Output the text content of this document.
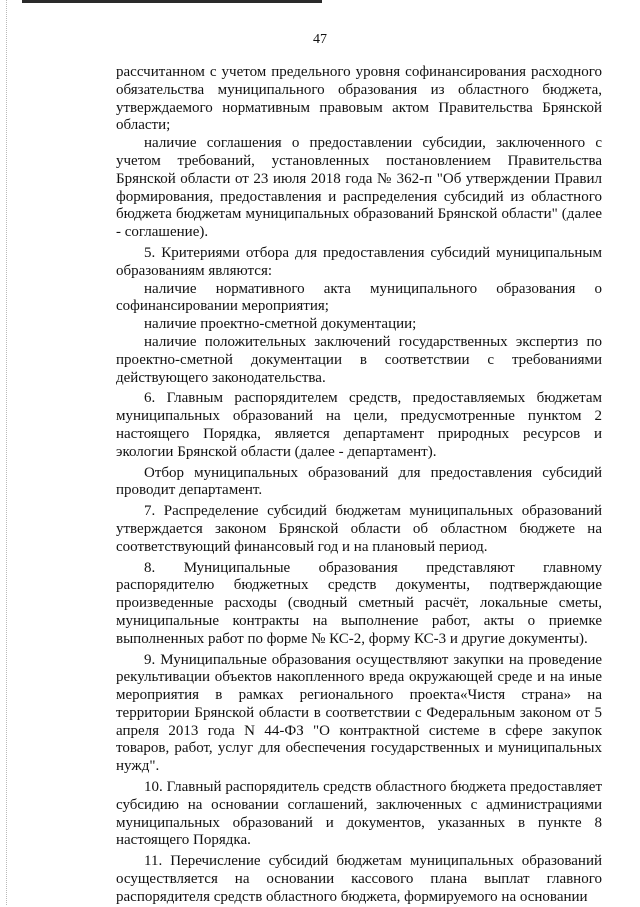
47

рассчитанном с учетом предельного уровня софинансирования расходного обязательства муниципального образования из областного бюджета, утверждаемого нормативным правовым актом Правительства Брянской области;

наличие соглашения о предоставлении субсидии, заключенного с учетом требований, установленных постановлением Правительства Брянской области от 23 июля 2018 года № 362-п "Об утверждении Правил формирования, предоставления и распределения субсидий из областного бюджета бюджетам муниципальных образований Брянской области" (далее - соглашение).

5. Критериями отбора для предоставления субсидий муниципальным образованиям являются:

наличие нормативного акта муниципального образования о софинансировании мероприятия;

наличие проектно-сметной документации;

наличие положительных заключений государственных экспертиз по проектно-сметной документации в соответствии с требованиями действующего законодательства.

6. Главным распорядителем средств, предоставляемых бюджетам муниципальных образований на цели, предусмотренные пунктом 2 настоящего Порядка, является департамент природных ресурсов и экологии Брянской области (далее - департамент).

Отбор муниципальных образований для предоставления субсидий проводит департамент.

7. Распределение субсидий бюджетам муниципальных образований утверждается законом Брянской области об областном бюджете на соответствующий финансовый год и на плановый период.

8. Муниципальные образования представляют главному распорядителю бюджетных средств документы, подтверждающие произведенные расходы (сводный сметный расчёт, локальные сметы, муниципальные контракты на выполнение работ, акты о приемке выполненных работ по форме № КС-2, форму КС-3 и другие документы).

9. Муниципальные образования осуществляют закупки на проведение рекультивации объектов накопленного вреда окружающей среде и на иные мероприятия в рамках регионального проекта«Чистя страна» на территории Брянской области в соответствии с Федеральным законом от 5 апреля 2013 года N 44-ФЗ "О контрактной системе в сфере закупок товаров, работ, услуг для обеспечения государственных и муниципальных нужд".

10. Главный распорядитель средств областного бюджета предоставляет субсидию на основании соглашений, заключенных с администрациями муниципальных образований и документов, указанных в пункте 8 настоящего Порядка.

11. Перечисление субсидий бюджетам муниципальных образований осуществляется на основании кассового плана выплат главного распорядителя средств областного бюджета, формируемого на основании
